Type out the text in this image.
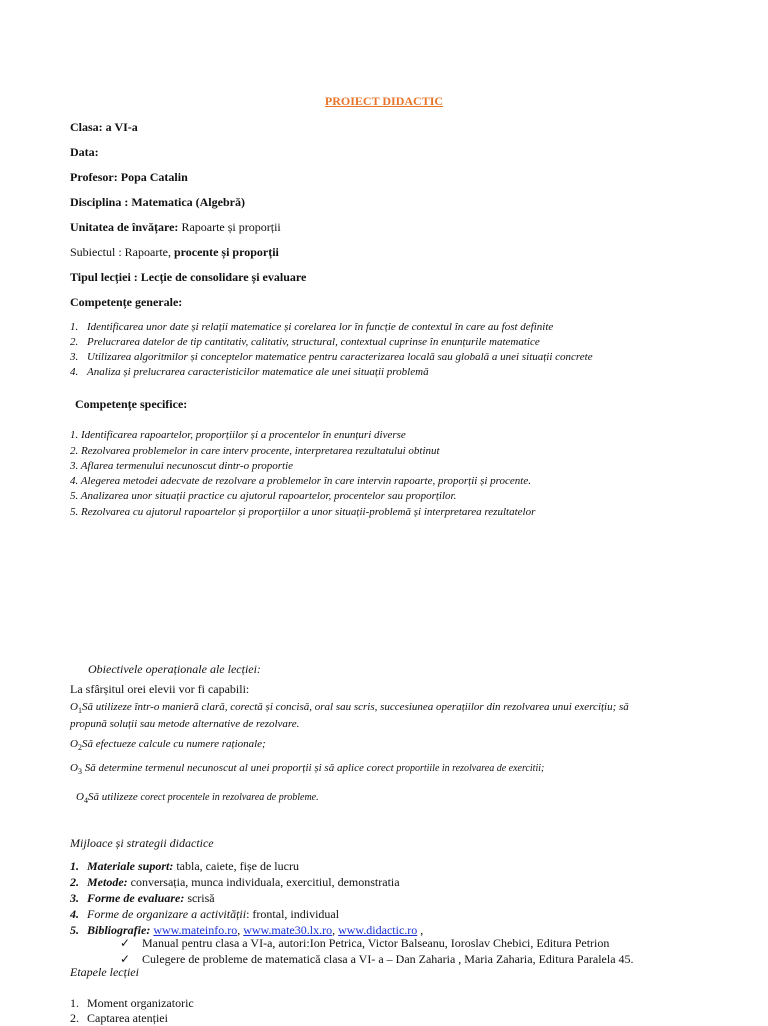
PROIECT DIDACTIC
Clasa: a VI-a
Data:
Profesor: Popa Catalin
Disciplina : Matematica (Algebră)
Unitatea de învățare: Rapoarte și proporții
Subiectul : Rapoarte, procente și proporții
Tipul lecției : Lecție de consolidare și evaluare
Competențe generale:
1. Identificarea unor date și relații matematice și corelarea lor în funcție de contextul în care au fost definite
2. Prelucrarea datelor de tip cantitativ, calitativ, structural, contextual cuprinse în enunțurile matematice
3. Utilizarea algoritmilor și conceptelor matematice pentru caracterizarea locală sau globală a unei situații concrete
4. Analiza și prelucrarea caracteristicilor matematice ale unei situații problemă
Competențe specifice:
1. Identificarea rapoartelor, proporțiilor și a procentelor în enunțuri diverse
2. Rezolvarea problemelor in care interv procente, interpretarea rezultatului obtinut
3. Aflarea termenului necunoscut dintr-o proportie
4. Alegerea metodei adecvate de rezolvare a problemelor în care intervin rapoarte, proporții și procente.
5. Analizarea unor situații practice cu ajutorul rapoartelor, procentelor sau proporților.
5. Rezolvarea cu ajutorul rapoartelor și proporțiilor a unor situații-problemă și interpretarea rezultatelor
Obiectivele operaționale ale lecției:
La sfârșitul orei elevii vor fi capabili:
$O_1Să$ utilizeze într-o manieră clară, corectă și concisă, oral sau scris, succesiunea operațiilor din rezolvarea unui exercițiu; să
propună soluții sau metode alternative de rezolvare.
$O_2Să$ efectueze calcule cu numere raționale;
$O_3$ Să determine termenul necunoscut al unei proporții și să aplice corect proportiile in rezolvarea de exercitii;
$O_4Să$ utilizeze corect procentele in rezolvarea de probleme.
Mijloace și strategii didactice
1. Materiale suport: tabla, caiete, fișe de lucru
2. Metode: conversația, munca individuala, exercitiul, demonstratia
3. Forme de evaluare: scrisă
4. Forme de organizare a activității: frontal, individual
5. Bibliografie: www.mateinfo.ro, www.mate30.lx.ro, www.didactic.ro ,
✓ Manual pentru clasa a VI-a, autori:Ion Petrica, Victor Balseanu, Ioroslav Chebici, Editura Petrion
✓ Culegere de probleme de matematică clasa a VI- a – Dan Zaharia , Maria Zaharia, Editura Paralela 45.
Etapele lecției
1. Moment organizatoric
2. Captarea atenției
